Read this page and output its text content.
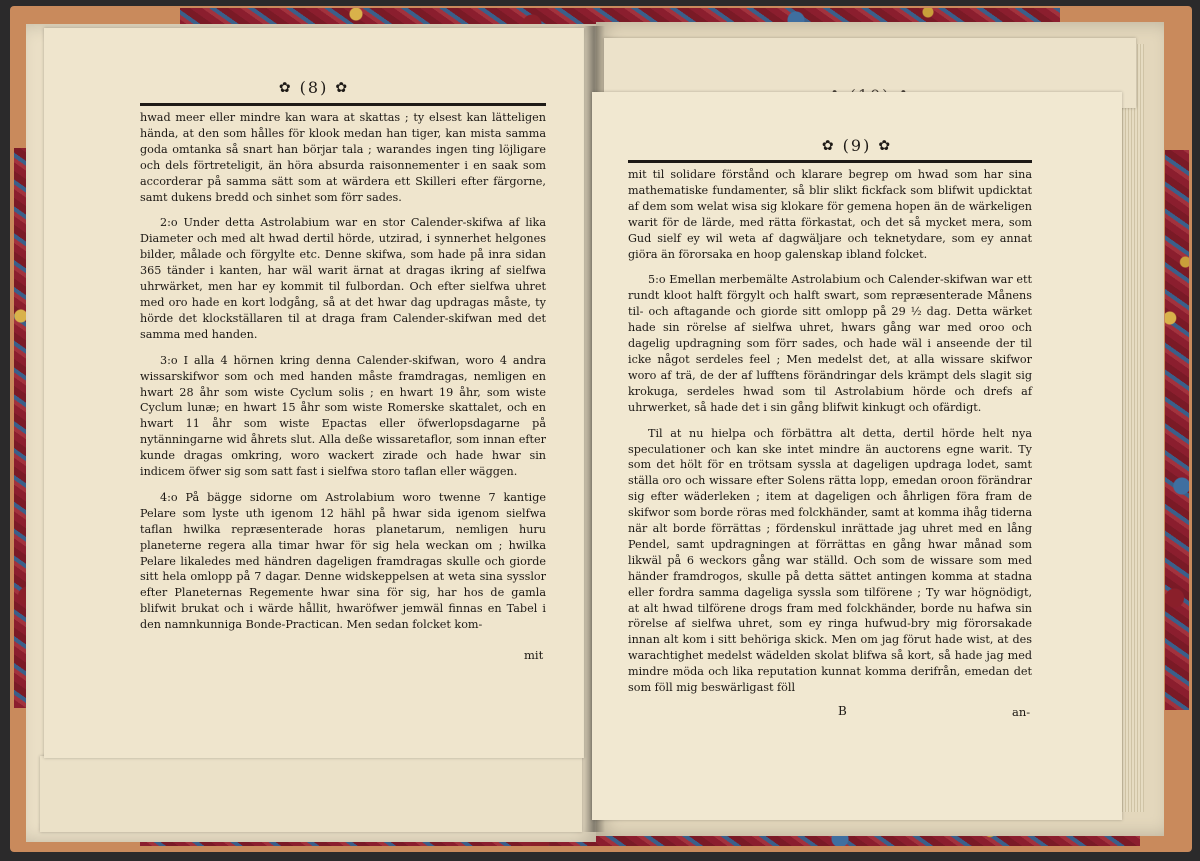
✿ (8) ✿

hwad meer eller mindre kan wara at skattas ; ty elsest kan lätteligen hända, at den som hålles för klook medan han tiger, kan mista samma goda omtanka så snart han börjar tala ; warandes ingen ting löjligare och dels förtreteligit, än höra absurda raisonnementer i en saak som accorderar på samma sätt som at wärdera ett Skilleri efter färgorne, samt dukens bredd och sinhet som förr sades.

2:o Under detta Astrolabium war en stor Calender-skifwa af lika Diameter och med alt hwad dertil hörde, utzirad, i synnerhet helgones bilder, målade och förgylte etc. Denne skifwa, som hade på inra sidan 365 tänder i kanten, har wäl warit ärnat at dragas ikring af sielfwa uhrwärket, men har ey kommit til fulbordan. Och efter sielfwa uhret med oro hade en kort lodgång, så at det hwar dag updragas måste, ty hörde det klockställaren til at draga fram Calender-skifwan med det samma med handen.

3:o I alla 4 hörnen kring denna Calender-skifwan, woro 4 andra wissarskifwor som och med handen måste framdragas, nemligen en hwart 28 åhr som wiste Cyclum solis ; en hwart 19 åhr, som wiste Cyclum lunæ; en hwart 15 åhr som wiste Romerske skattalet, och en hwart 11 åhr som wiste Epactas eller öfwerlopsdagarne på nytänningarne wid åhrets slut. Alla deße wissaretaflor, som innan efter kunde dragas omkring, woro wackert zirade och hade hwar sin indicem öfwer sig som satt fast i sielfwa storo taflan eller wäggen.

4:o På bägge sidorne om Astrolabium woro twenne 7 kantige Pelare som lyste uth igenom 12 hähl på hwar sida igenom sielfwa taflan hwilka repræsenterade horas planetarum, nemligen huru planeterne regera alla timar hwar för sig hela weckan om ; hwilka Pelare likaledes med händren dageligen framdragas skulle och giorde sitt hela omlopp på 7 dagar. Denne widskeppelsen at weta sina sysslor efter Planeternas Regemente hwar sina för sig, har hos de gamla blifwit brukat och i wärde hållit, hwaröfwer jemwäl finnas en Tabel i den namnkunniga Bonde-Practican. Men sedan folcket kom-

mit
✿ (9) ✿

mit til solidare förstånd och klarare begrep om hwad som har sina mathematiske fundamenter, så blir slikt fickfack som blifwit updicktat af dem som welat wisa sig klokare för gemena hopen än de wärkeligen warit för de lärde, med rätta förkastat, och det så mycket mera, som Gud sielf ey wil weta af dagwäljare och teknetydare, som ey annat giöra än förorsaka en hoop galenskap ibland folcket.

5:o Emellan merbemälte Astrolabium och Calender-skifwan war ett rundt kloot halft förgylt och halft swart, som repræsenterade Månens til- och aftagande och giorde sitt omlopp på 29 ½ dag. Detta wärket hade sin rörelse af sielfwa uhret, hwars gång war med oroo och dagelig updragning som förr sades, och hade wäl i anseende der til icke något serdeles feel ; Men medelst det, at alla wissare skifwor woro af trä, de der af lufftens förändringar dels krämpt dels slagit sig krokuga, serdeles hwad som til Astrolabium hörde och drefs af uhrwerket, så hade det i sin gång blifwit kinkugt och ofärdigt.

Til at nu hielpa och förbättra alt detta, dertil hörde helt nya speculationer och kan ske intet mindre än auctorens egne warit. Ty som det hölt för en trötsam syssla at dageligen updraga lodet, samt ställa oro och wissare efter Solens rätta lopp, emedan oroon förändrar sig efter wäderleken ; item at dageligen och åhrligen föra fram de skifwor som borde röras med folckhänder, samt at komma ihåg tiderna när alt borde förrättas ; fördenskul inrättade jag uhret med en lång Pendel, samt updragningen at förrättas en gång hwar månad som likwäl på 6 weckors gång war ställd. Och som de wissare som med händer framdrogos, skulle på detta sättet antingen komma at stadna eller fordra samma dageliga syssla som tilförene ; Ty war högnödigt, at alt hwad tilförene drogs fram med folckhänder, borde nu hafwa sin rörelse af sielfwa uhret, som ey ringa hufwud-bry mig förorsakade innan alt kom i sitt behöriga skick. Men om jag förut hade wist, at des warachtighet medelst wädelden skolat blifwa så kort, så hade jag med mindre möda och lika reputation kunnat komma derifrån, emedan det som föll mig beswärligast föll

B	an-
